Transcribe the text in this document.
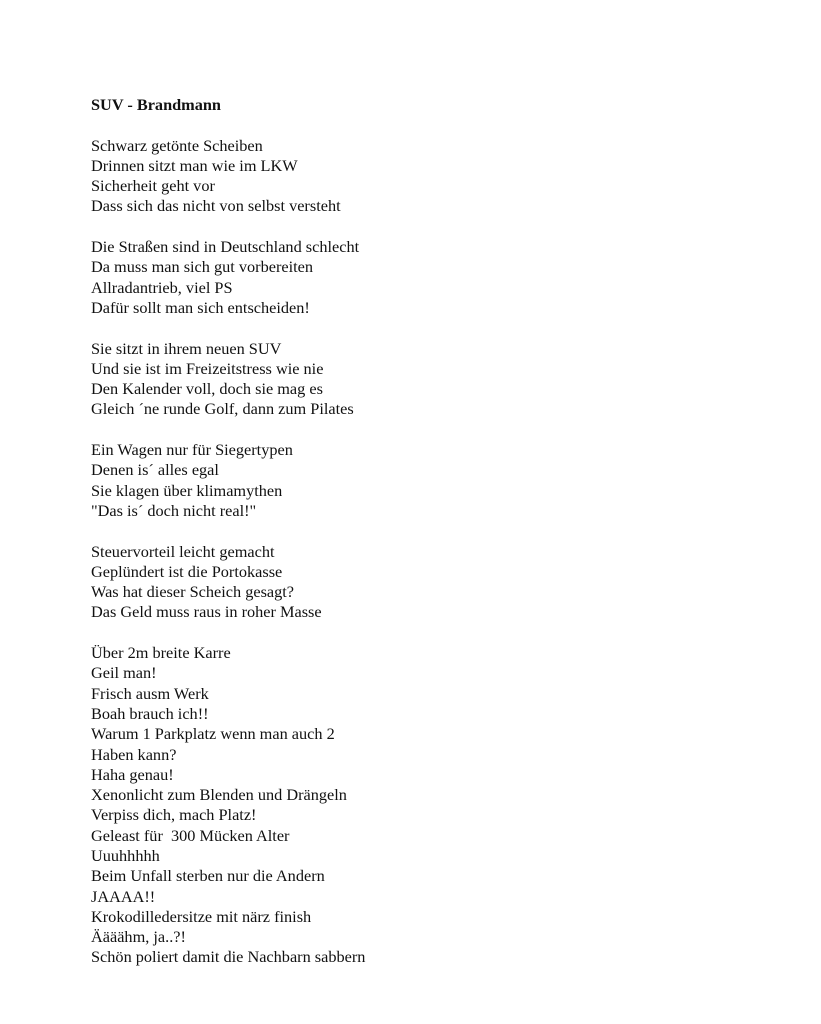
SUV - Brandmann
Schwarz getönte Scheiben
Drinnen sitzt man wie im LKW
Sicherheit geht vor
Dass sich das nicht von selbst versteht
Die Straßen sind in Deutschland schlecht
Da muss man sich gut vorbereiten
Allradantrieb, viel PS
Dafür sollt man sich entscheiden!
Sie sitzt in ihrem neuen SUV
Und sie ist im Freizeitstress wie nie
Den Kalender voll, doch sie mag es
Gleich ´ne runde Golf, dann zum Pilates
Ein Wagen nur für Siegertypen
Denen is´ alles egal
Sie klagen über klimamythen
"Das is´ doch nicht real!"
Steuervorteil leicht gemacht
Geplündert ist die Portokasse
Was hat dieser Scheich gesagt?
Das Geld muss raus in roher Masse
Über 2m breite Karre
Geil man!
Frisch ausm Werk
Boah brauch ich!!
Warum 1 Parkplatz wenn man auch 2
Haben kann?
Haha genau!
Xenonlicht zum Blenden und Drängeln
Verpiss dich, mach Platz!
Geleast für  300 Mücken Alter
Uuuhhhhh
Beim Unfall sterben nur die Andern
JAAAA!!
Krokodilledersitze mit närz finish
Äääähm, ja..?!
Schön poliert damit die Nachbarn sabbern
